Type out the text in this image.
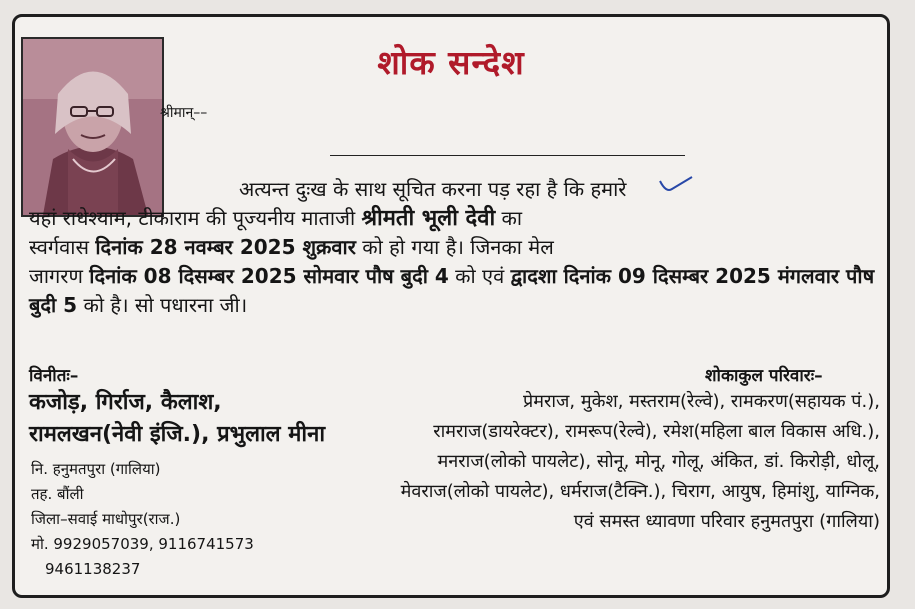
शोक सन्देश
श्रीमान्––
अत्यन्त दुःख के साथ सूचित करना पड़ रहा है कि हमारे
यहां राधेश्याम, टीकाराम की पूज्यनीय माताजी श्रीमती भूली देवी का
स्वर्गवास दिनांक 28 नवम्बर 2025 शुक्रवार को हो गया है। जिनका मेल
जागरण दिनांक 08 दिसम्बर 2025 सोमवार पौष बुदी 4 को एवं द्वादशा दिनांक 09 दिसम्बर 2025 मंगलवार पौष बुदी 5 को है। सो पधारना जी।
विनीतः–
कजोड़, गिर्राज, कैलाश,
रामलखन(नेवी इंजि.), प्रभुलाल मीना
नि. हनुमतपुरा (गालिया)
तह. बौंली
जिला–सवाई माधोपुर(राज.)
मो. 9929057039, 9116741573
9461138237
शोकाकुल परिवारः–
प्रेमराज, मुकेश, मस्तराम(रेल्वे), रामकरण(सहायक पं.), रामराज(डायरेक्टर), रामरूप(रेल्वे), रमेश(महिला बाल विकास अधि.), मनराज(लोको पायलेट), सोनू, मोनू, गोलू, अंकित, डां. किरोड़ी, धोलू, मेवराज(लोको पायलेट), धर्मराज(टैक्नि.), चिराग, आयुष, हिमांशु, याग्निक, एवं समस्त ध्यावणा परिवार हनुमतपुरा (गालिया)
